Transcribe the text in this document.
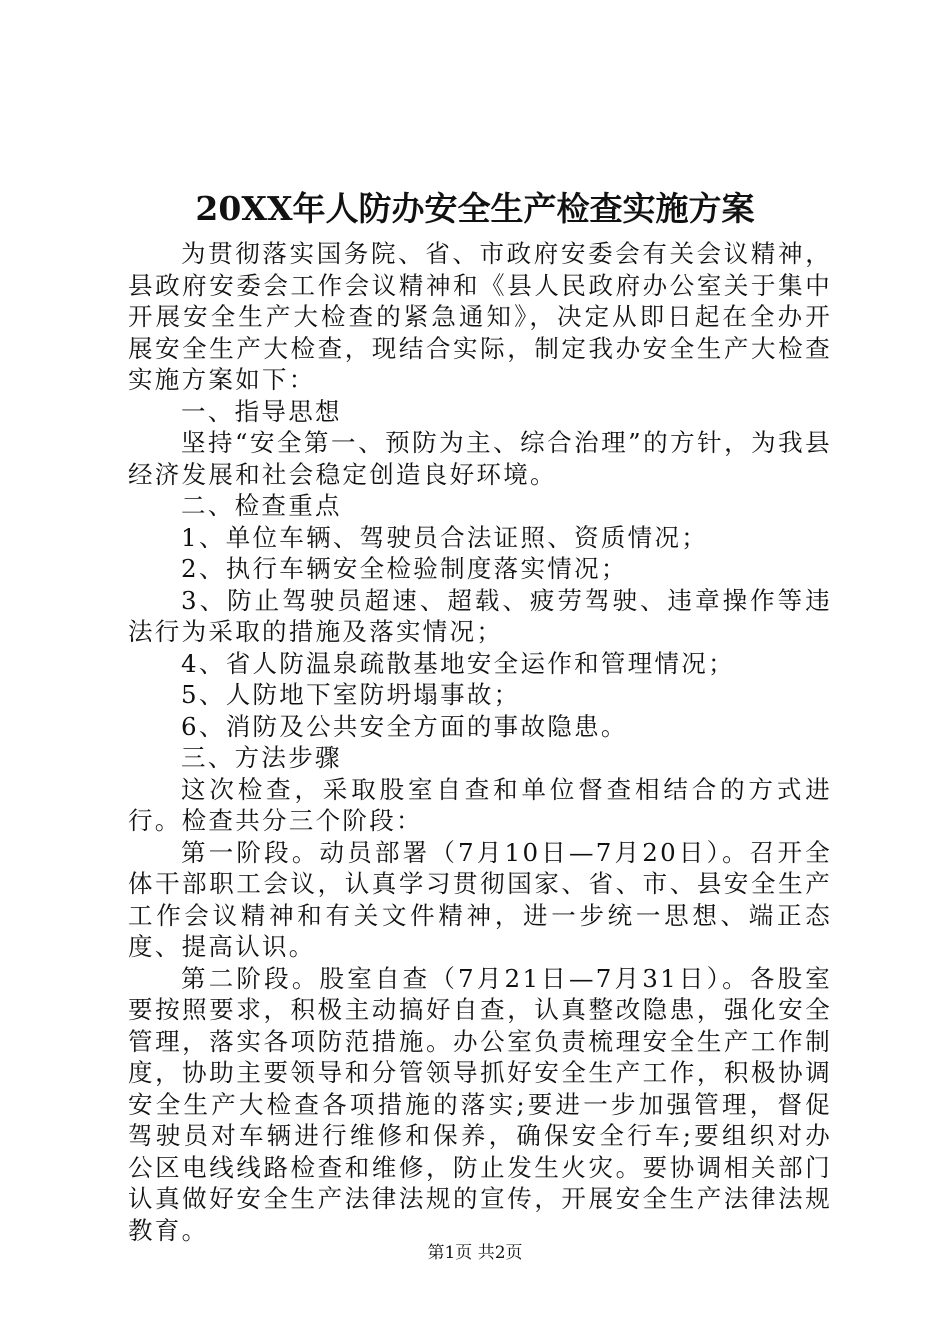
20XX年人防办安全生产检查实施方案

为贯彻落实国务院、省、市政府安委会有关会议精神，县政府安委会工作会议精神和《县人民政府办公室关于集中开展安全生产大检查的紧急通知》，决定从即日起在全办开展安全生产大检查，现结合实际，制定我办安全生产大检查实施方案如下：

一、指导思想

坚持“安全第一、预防为主、综合治理”的方针，为我县经济发展和社会稳定创造良好环境。

二、检查重点

1、单位车辆、驾驶员合法证照、资质情况；

2、执行车辆安全检验制度落实情况；

3、防止驾驶员超速、超载、疲劳驾驶、违章操作等违法行为采取的措施及落实情况；

4、省人防温泉疏散基地安全运作和管理情况；

5、人防地下室防坍塌事故；

6、消防及公共安全方面的事故隐患。

三、方法步骤

这次检查，采取股室自查和单位督查相结合的方式进行。检查共分三个阶段：

第一阶段。动员部署（7月10日—7月20日）。召开全体干部职工会议，认真学习贯彻国家、省、市、县安全生产工作会议精神和有关文件精神，进一步统一思想、端正态度、提高认识。

第二阶段。股室自查（7月21日—7月31日）。各股室要按照要求，积极主动搞好自查，认真整改隐患，强化安全管理，落实各项防范措施。办公室负责梳理安全生产工作制度，协助主要领导和分管领导抓好安全生产工作，积极协调安全生产大检查各项措施的落实;要进一步加强管理，督促驾驶员对车辆进行维修和保养，确保安全行车;要组织对办公区电线线路检查和维修，防止发生火灾。要协调相关部门认真做好安全生产法律法规的宣传，开展安全生产法律法规教育。

第1页 共2页
